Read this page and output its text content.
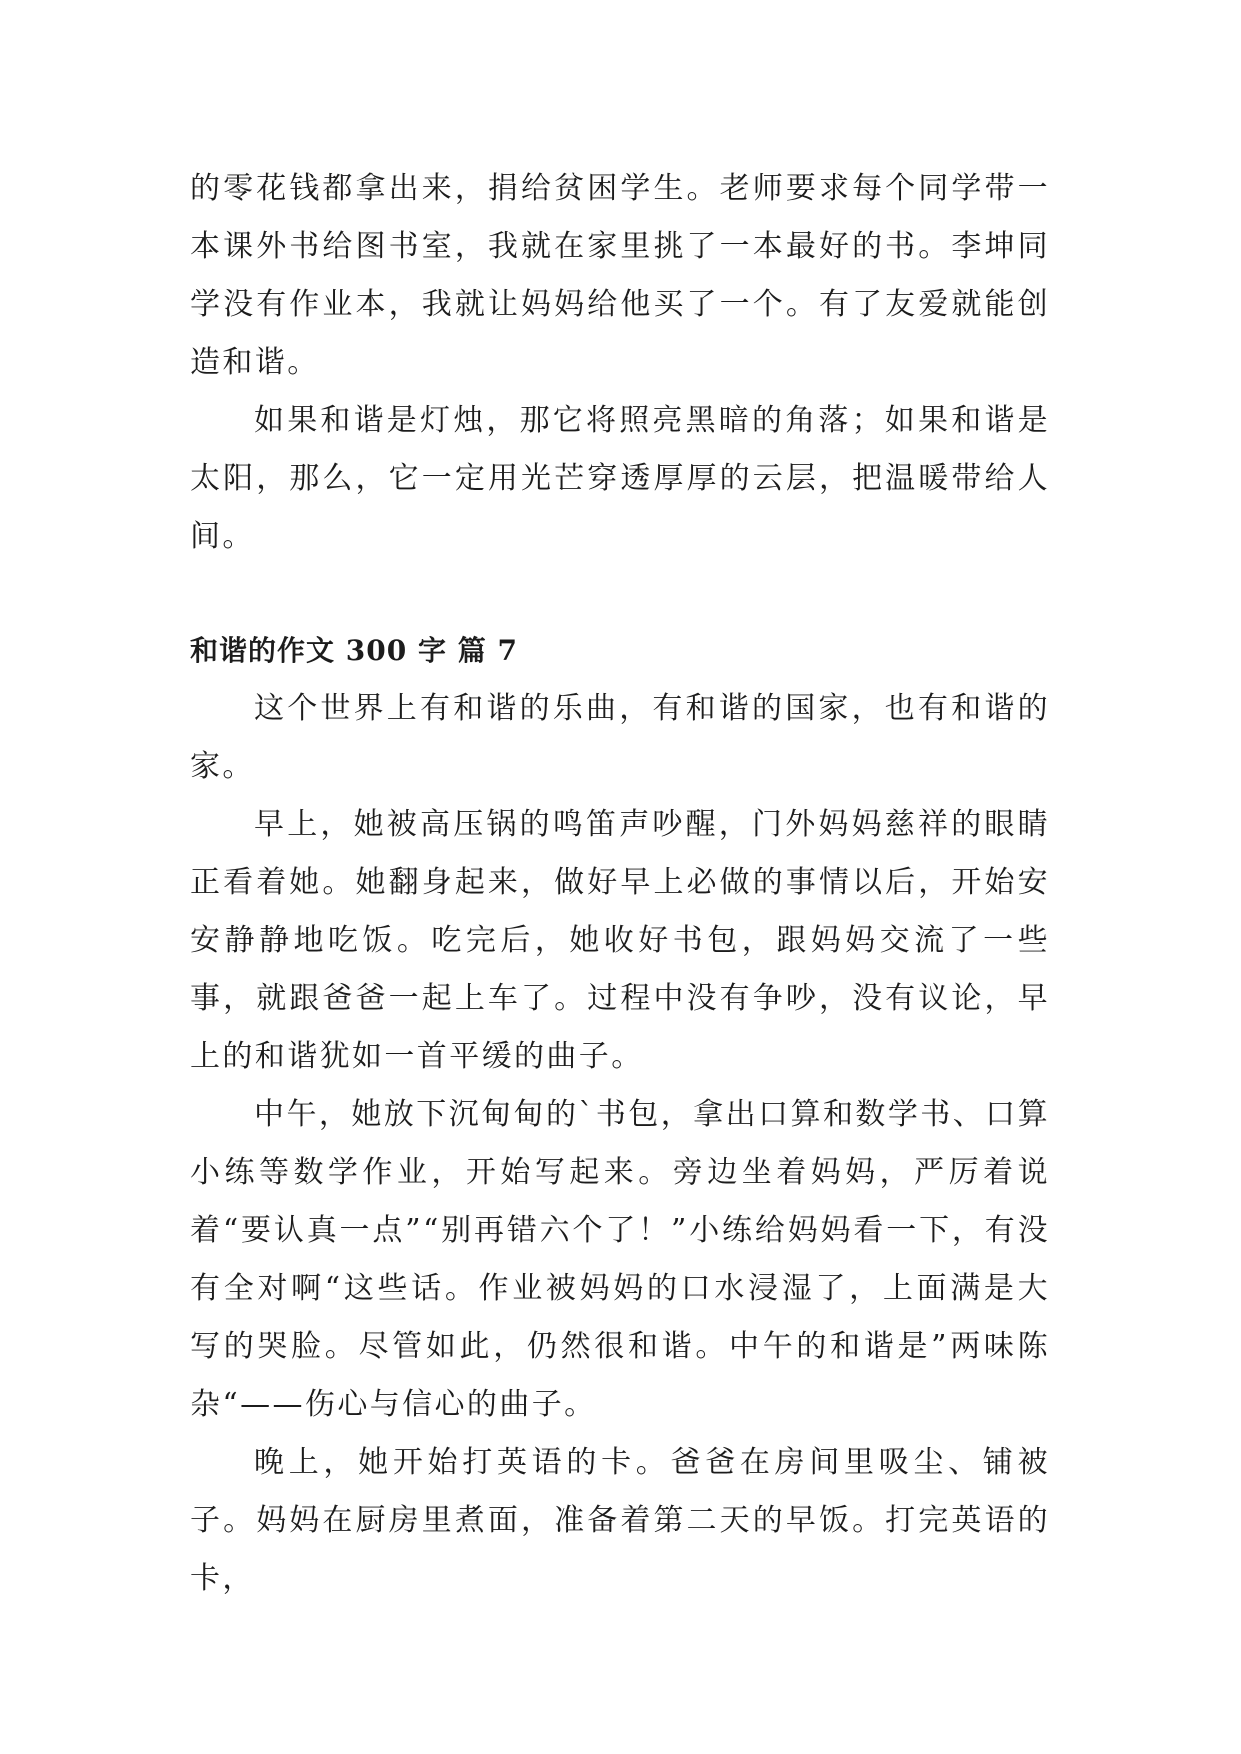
的零花钱都拿出来，捐给贫困学生。老师要求每个同学带一本课外书给图书室，我就在家里挑了一本最好的书。李坤同学没有作业本，我就让妈妈给他买了一个。有了友爱就能创造和谐。

如果和谐是灯烛，那它将照亮黑暗的角落；如果和谐是太阳，那么，它一定用光芒穿透厚厚的云层，把温暖带给人间。

和谐的作文 300 字 篇 7

这个世界上有和谐的乐曲，有和谐的国家，也有和谐的家。

早上，她被高压锅的鸣笛声吵醒，门外妈妈慈祥的眼睛正看着她。她翻身起来，做好早上必做的事情以后，开始安安静静地吃饭。吃完后，她收好书包，跟妈妈交流了一些事，就跟爸爸一起上车了。过程中没有争吵，没有议论，早上的和谐犹如一首平缓的曲子。

中午，她放下沉甸甸的`书包，拿出口算和数学书、口算小练等数学作业，开始写起来。旁边坐着妈妈，严厉着说着“要认真一点”“别再错六个了！”小练给妈妈看一下，有没有全对啊“这些话。作业被妈妈的口水浸湿了，上面满是大写的哭脸。尽管如此，仍然很和谐。中午的和谐是”两味陈杂“——伤心与信心的曲子。

晚上，她开始打英语的卡。爸爸在房间里吸尘、铺被子。妈妈在厨房里煮面，准备着第二天的早饭。打完英语的卡，
